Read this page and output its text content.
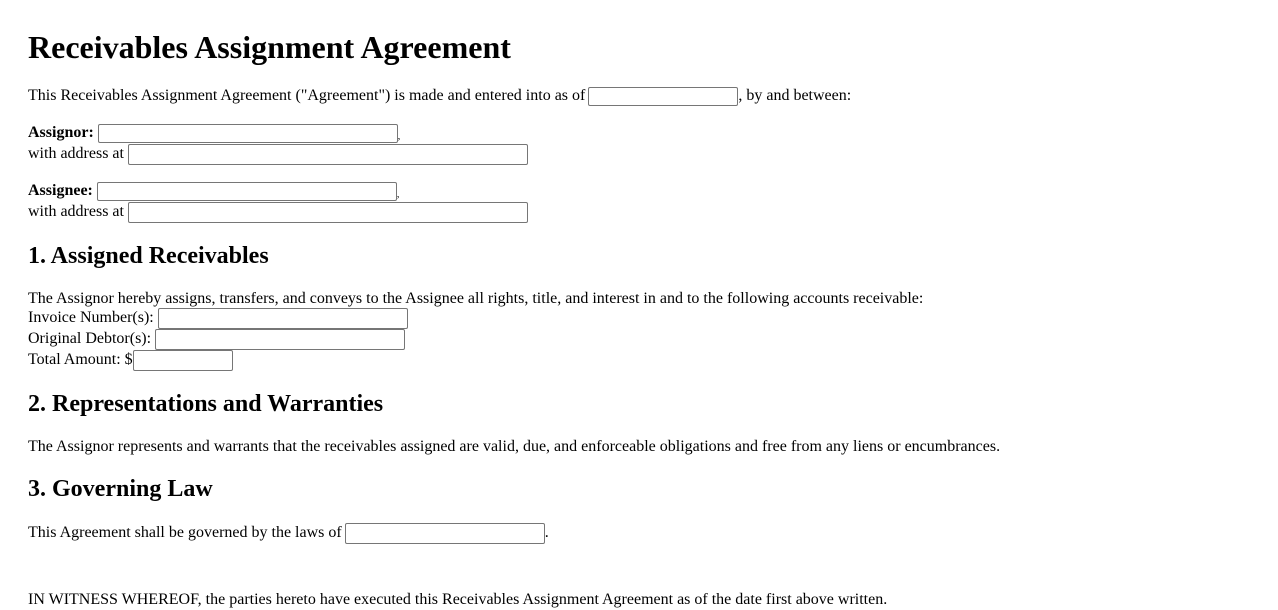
Receivables Assignment Agreement
This Receivables Assignment Agreement ("Agreement") is made and entered into as of	, by and between:
Assignor:	,
with address at
Assignee:	,
with address at
1. Assigned Receivables
The Assignor hereby assigns, transfers, and conveys to the Assignee all rights, title, and interest in and to the following accounts receivable:
Invoice Number(s):
Original Debtor(s):
Total Amount: $
2. Representations and Warranties
The Assignor represents and warrants that the receivables assigned are valid, due, and enforceable obligations and free from any liens or encumbrances.
3. Governing Law
This Agreement shall be governed by the laws of	.
IN WITNESS WHEREOF, the parties hereto have executed this Receivables Assignment Agreement as of the date first above written.
